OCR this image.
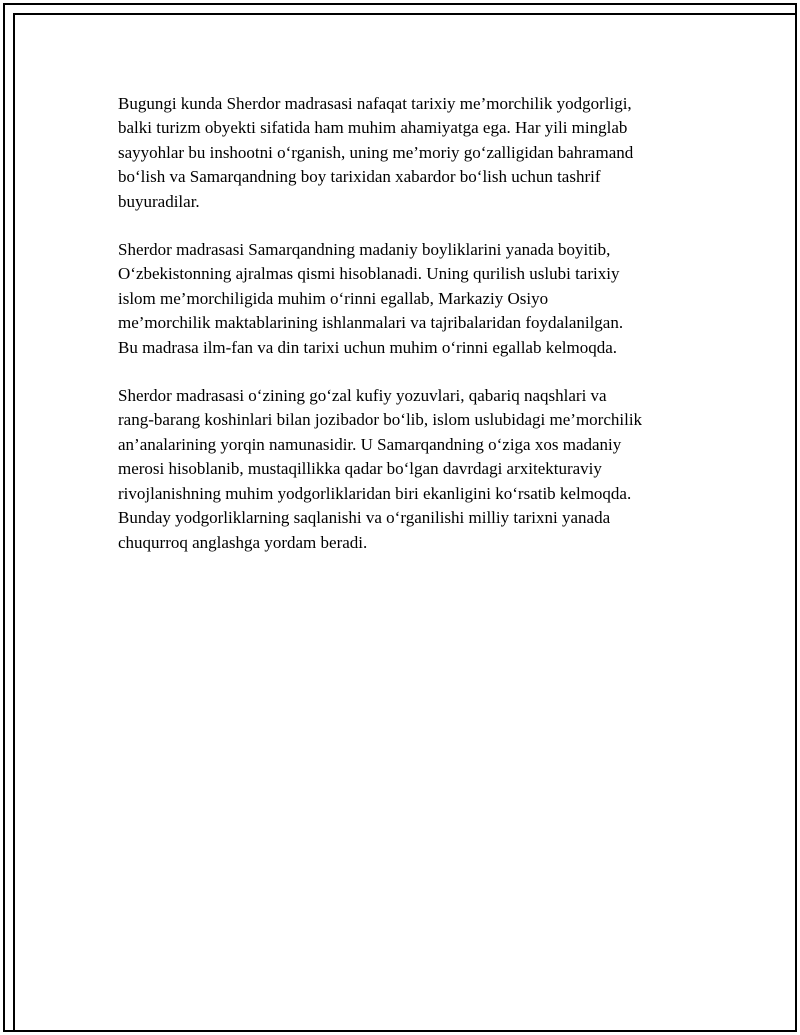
Bugungi kunda Sherdor madrasasi nafaqat tarixiy me’morchilik yodgorligi,
balki turizm obyekti sifatida ham muhim ahamiyatga ega. Har yili minglab
sayyohlar bu inshootni oʻrganish, uning me’moriy goʻzalligidan bahramand
boʻlish va Samarqandning boy tarixidan xabardor boʻlish uchun tashrif
buyuradilar.

Sherdor madrasasi Samarqandning madaniy boyliklarini yanada boyitib,
Oʻzbekistonning ajralmas qismi hisoblanadi. Uning qurilish uslubi tarixiy
islom me’morchiligida muhim oʻrinni egallab, Markaziy Osiyo
me’morchilik maktablarining ishlanmalari va tajribalaridan foydalanilgan.
Bu madrasa ilm-fan va din tarixi uchun muhim oʻrinni egallab kelmoqda.

Sherdor madrasasi oʻzining goʻzal kufiy yozuvlari, qabariq naqshlari va
rang-barang koshinlari bilan jozibador boʻlib, islom uslubidagi me’morchilik
an’analarining yorqin namunasidir. U Samarqandning oʻziga xos madaniy
merosi hisoblanib, mustaqillikka qadar boʻlgan davrdagi arxitekturaviy
rivojlanishning muhim yodgorliklaridan biri ekanligini koʻrsatib kelmoqda.
Bunday yodgorliklarning saqlanishi va oʻrganilishi milliy tarixni yanada
chuqurroq anglashga yordam beradi.
